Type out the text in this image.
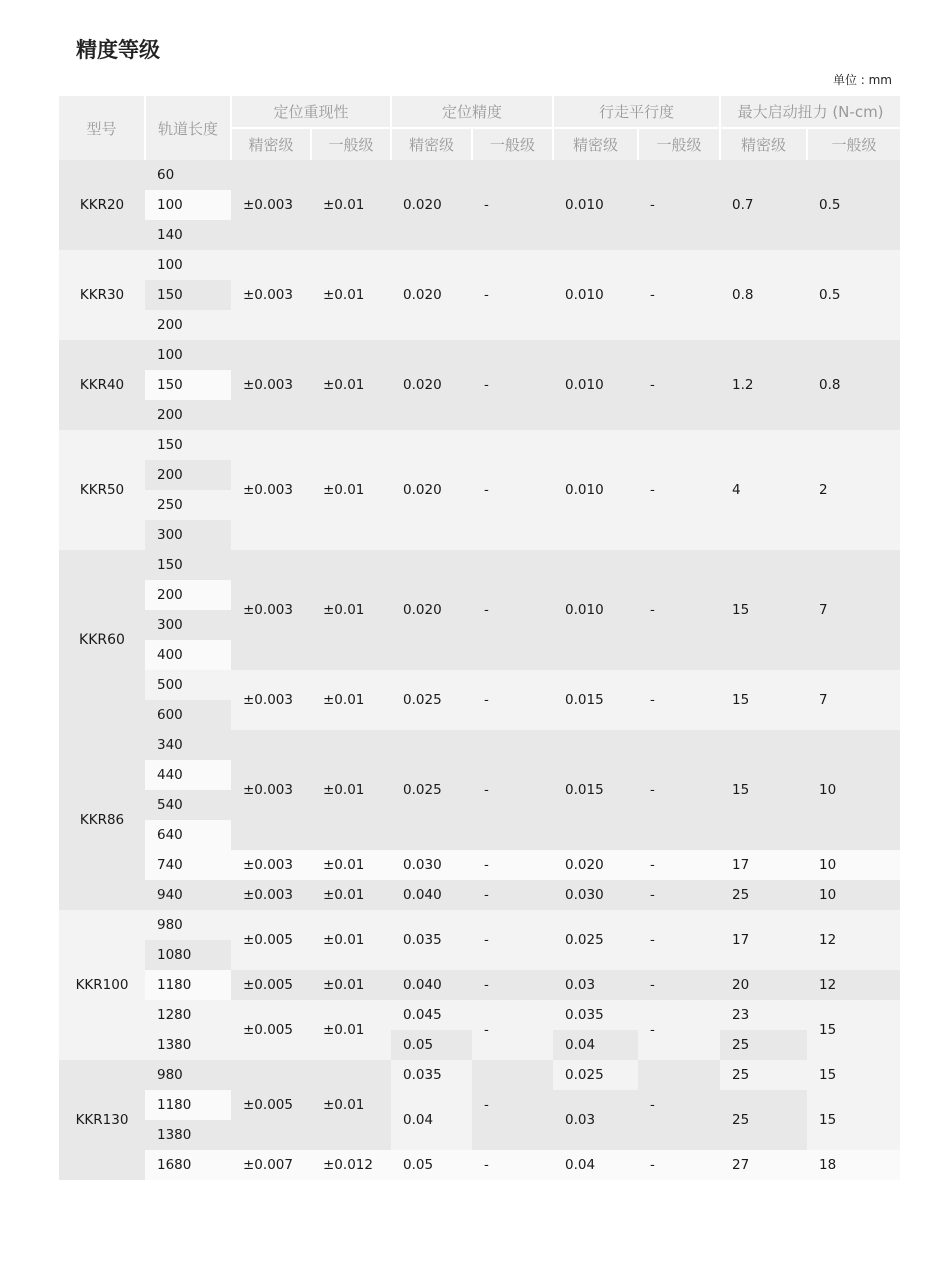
精度等级
单位 : mm
型号	轨道长度	定位重现性		定位精度		行走平行度		最大启动扭力 (N-cm)	
		精密级	一般级	精密级	一般级	精密级	一般级	精密级	一般级
KKR20	60	±0.003	±0.01	0.020	-	0.010	-	0.7	0.5
	100								
	140								
KKR30	100	±0.003	±0.01	0.020	-	0.010	-	0.8	0.5
	150								
	200								
KKR40	100	±0.003	±0.01	0.020	-	0.010	-	1.2	0.8
	150								
	200								
KKR50	150	±0.003	±0.01	0.020	-	0.010	-	4	2
	200								
	250								
	300								
KKR60	150	±0.003	±0.01	0.020	-	0.010	-	15	7
	200								
	300								
	400								
	500	±0.003	±0.01	0.025	-	0.015	-	15	7
	600								
KKR86	340	±0.003	±0.01	0.025	-	0.015	-	15	10
	440								
	540								
	640								
	740	±0.003	±0.01	0.030	-	0.020	-	17	10
	940	±0.003	±0.01	0.040	-	0.030	-	25	10
KKR100	980	±0.005	±0.01	0.035	-	0.025	-	17	12
	1080								
	1180	±0.005	±0.01	0.040	-	0.03	-	20	12
	1280	±0.005	±0.01	0.045	-	0.035	-	23	15
	1380			0.05		0.04		25	
KKR130	980	±0.005	±0.01	0.035	-	0.025	-	25	15
	1180			0.04		0.03		25	15
	1380								
	1680	±0.007	±0.012	0.05	-	0.04	-	27	18
